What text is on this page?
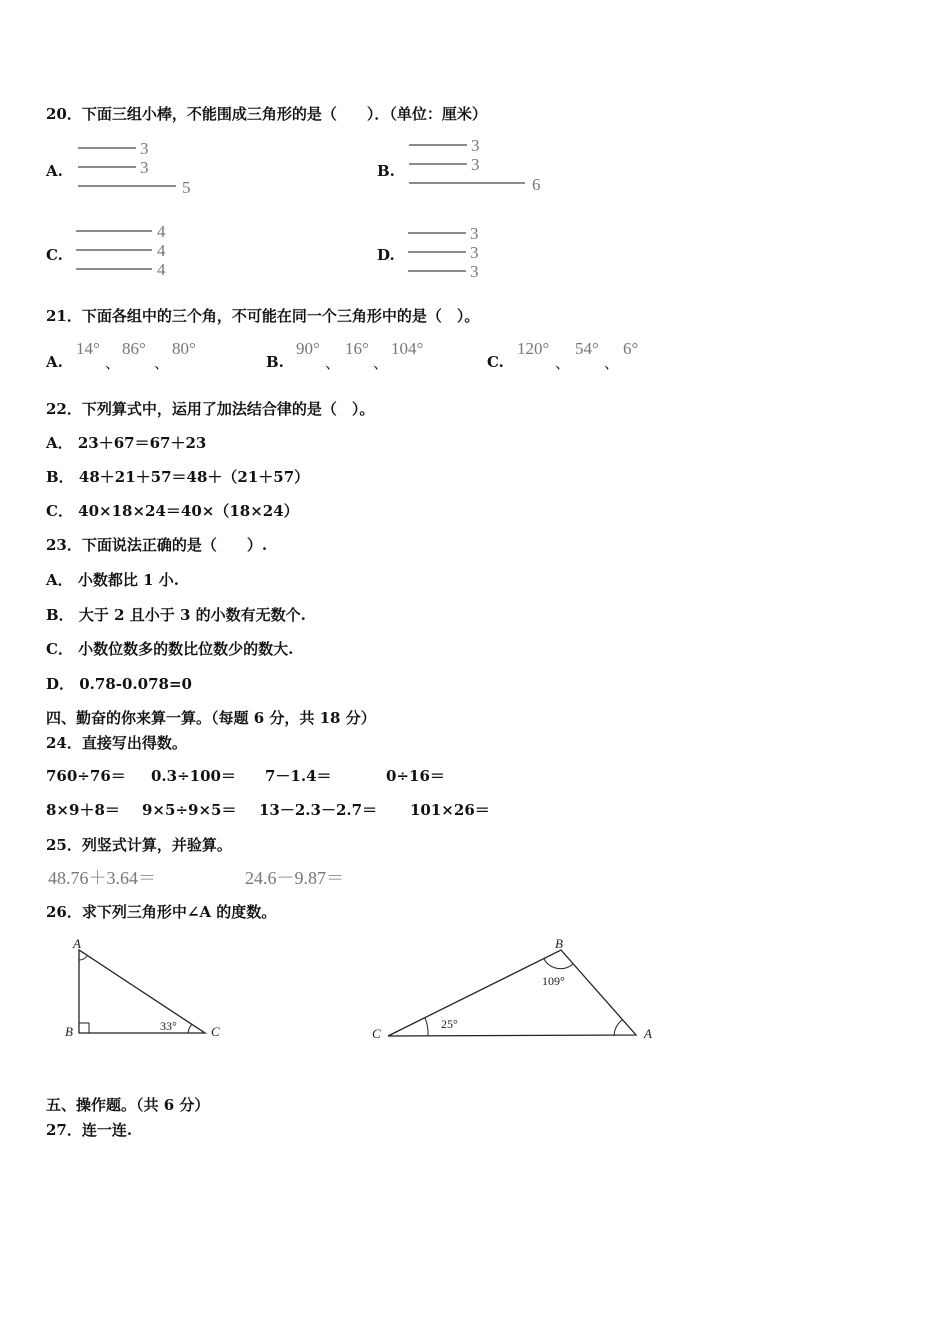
20．下面三组小棒，不能围成三角形的是（　　）．（单位：厘米）
A.
3
3
5
B.
3
3
6
C.
4
4
4
D.
3
3
3
21．下面各组中的三个角，不可能在同一个三角形中的是（　）。
A.
14°
、
86°
、
80°
B.
90°
、
16°
、
104°
C.
120°
、
54°
、
6°
22．下列算式中，运用了加法结合律的是（　）。
A． 23＋67＝67＋23
B． 48＋21＋57＝48＋（21＋57）
C． 40×18×24＝40×（18×24）
23．下面说法正确的是（　　）.
A． 小数都比 1 小.
B． 大于 2 且小于 3 的小数有无数个.
C． 小数位数多的数比位数少的数大.
D． 0.78-0.078=0
四、勤奋的你来算一算。（每题 6 分，共 18 分）
24．直接写出得数。
760÷76＝ 0.3÷100＝ 7－1.4＝	0÷16＝
8×9＋8＝ 9×5÷9×5＝ 13－2.3－2.7＝ 101×26＝
25．列竖式计算，并验算。
48.76＋3.64＝	24.6－9.87＝
26．求下列三角形中∠A 的度数。
A
B	C
33°
B
C	A
109°
25°
五、操作题。（共 6 分）
27．连一连.
